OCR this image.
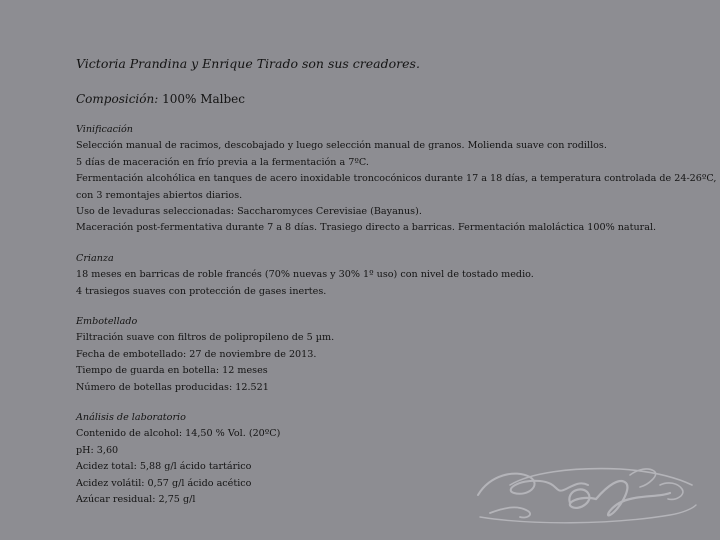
Victoria Prandina y Enrique Tirado son sus creadores.
Composición: 100% Malbec
Vinificación
Selección manual de racimos, descobajado y luego selección manual de granos. Molienda suave con rodillos.
5 días de maceración en frío previa a la fermentación a 7ºC.
Fermentación alcohólica en tanques de acero inoxidable troncocónicos durante 17 a 18 días, a temperatura controlada de 24-26ºC,
con 3 remontajes abiertos diarios.
Uso de levaduras seleccionadas: Saccharomyces Cerevisiae (Bayanus).
Maceración post-fermentativa durante 7 a 8 días. Trasiego directo a barricas. Fermentación maloláctica 100% natural.
Crianza
18 meses en barricas de roble francés (70% nuevas y 30% 1º uso) con nivel de tostado medio.
4 trasiegos suaves con protección de gases inertes.
Embotellado
Filtración suave con filtros de polipropileno de 5 µm.
Fecha de embotellado: 27 de noviembre de 2013.
Tiempo de guarda en botella: 12 meses
Número de botellas producidas: 12.521
Análisis de laboratorio
Contenido de alcohol: 14,50 % Vol. (20ºC)
pH: 3,60
Acidez total: 5,88 g/l ácido tartárico
Acidez volátil: 0,57 g/l ácido acético
Azúcar residual: 2,75 g/l
